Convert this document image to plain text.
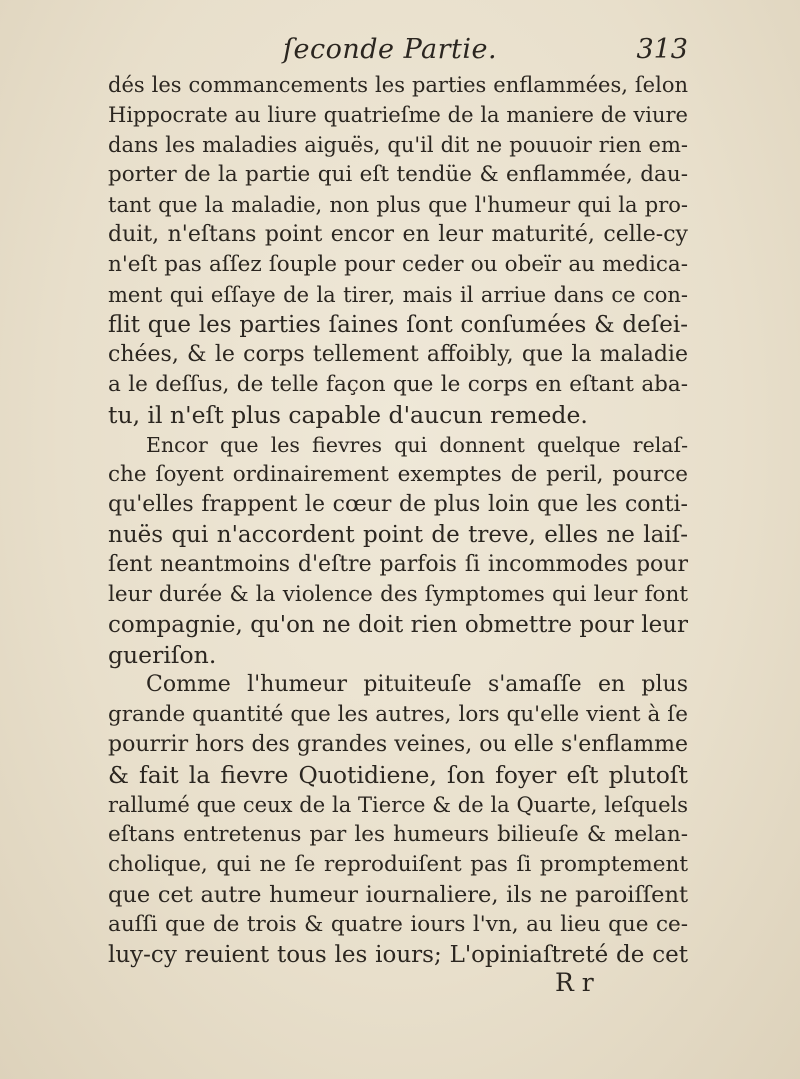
ſeconde Partie.	313
dés les commancements les parties enflammées, ſelon
Hippocrate au liure quatrieſme de la maniere de viure
dans les maladies aiguës, qu'il dit ne pouuoir rien em-
porter de la partie qui eſt tendüe & enflammée, dau-
tant que la maladie, non plus que l'humeur qui la pro-
duit, n'eſtans point encor en leur maturité, celle-cy
n'eſt pas aſſez ſouple pour ceder ou obeïr au medica-
ment qui eſſaye de la tirer, mais il arriue dans ce con-
flit que les parties ſaines ſont conſumées & deſei-
chées, & le corps tellement affoibly, que la maladie
a le deſſus, de telle façon que le corps en eſtant aba-
tu, il n'eſt plus capable d'aucun remede.
Encor que les fievres qui donnent quelque relaſ-
che ſoyent ordinairement exemptes de peril, pource
qu'elles frappent le cœur de plus loin que les conti-
nuës qui n'accordent point de treve, elles ne laiſ-
ſent neantmoins d'eſtre parfois ſi incommodes pour
leur durée & la violence des ſymptomes qui leur font
compagnie, qu'on ne doit rien obmettre pour leur
gueriſon.
Comme l'humeur pituiteuſe s'amaſſe en plus
grande quantité que les autres, lors qu'elle vient à ſe
pourrir hors des grandes veines, ou elle s'enflamme
& fait la fievre Quotidiene, ſon foyer eſt plutoſt
rallumé que ceux de la Tierce & de la Quarte, leſquels
eſtans entretenus par les humeurs bilieuſe & melan-
cholique, qui ne ſe reproduiſent pas ſi promptement
que cet autre humeur iournaliere, ils ne paroiſſent
auſſi que de trois & quatre iours l'vn, au lieu que ce-
luy-cy reuient tous les iours; L'opiniaſtreté de cet
R r
